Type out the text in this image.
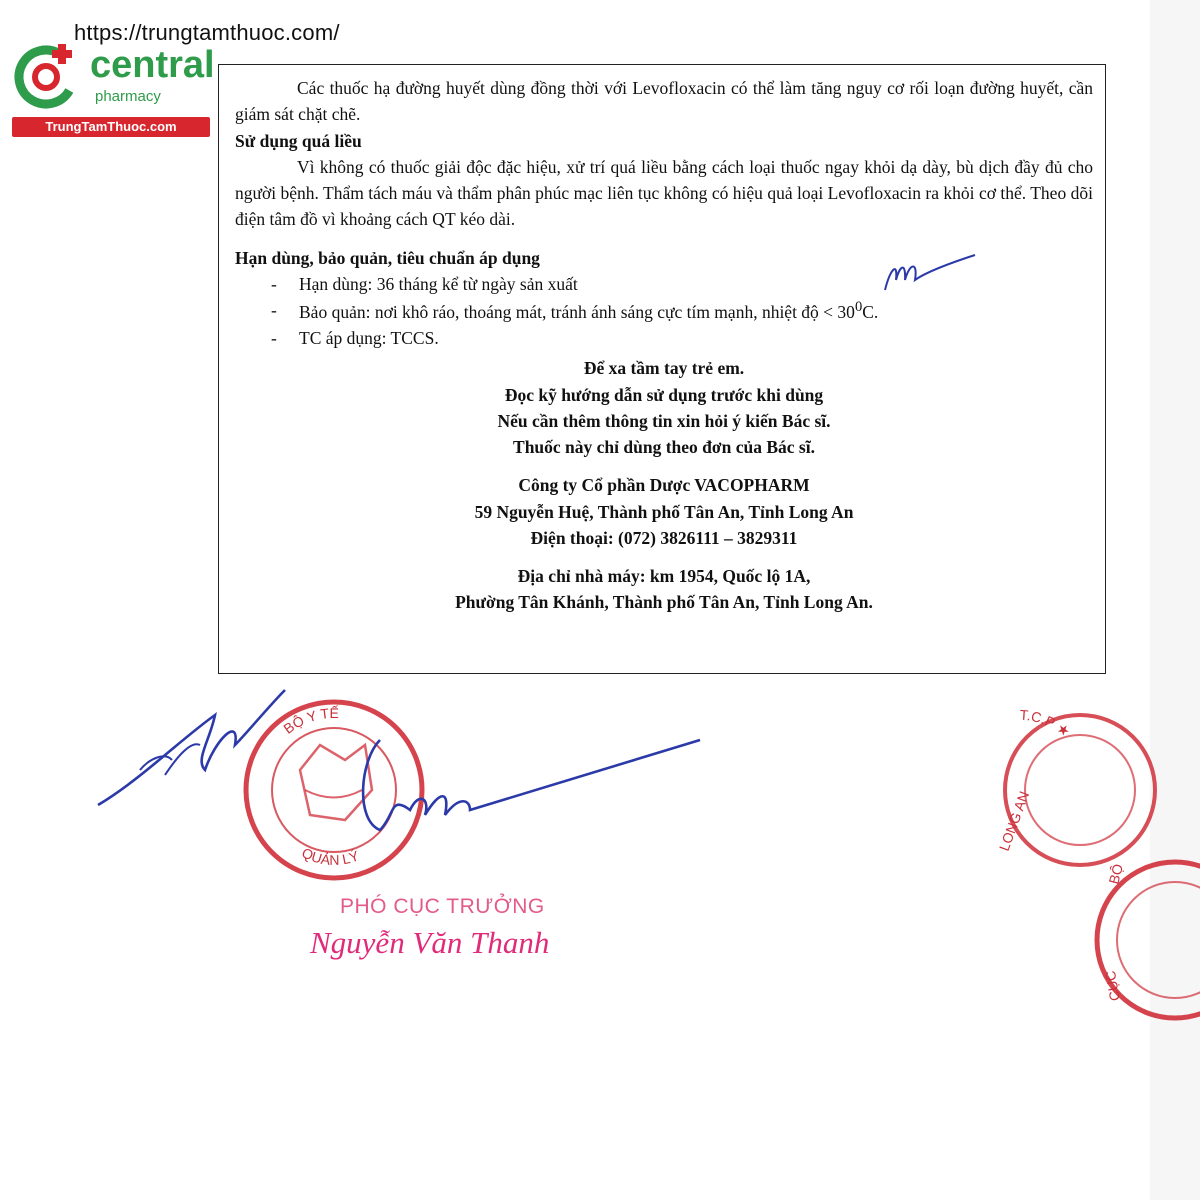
https://trungtamthuoc.com/
central
pharmacy
TrungTamThuoc.com

Các thuốc hạ đường huyết dùng đồng thời với Levofloxacin có thể làm tăng nguy cơ rối loạn đường huyết, cần giám sát chặt chẽ.

Sử dụng quá liều

Vì không có thuốc giải độc đặc hiệu, xử trí quá liều bằng cách loại thuốc ngay khỏi dạ dày, bù dịch đầy đủ cho người bệnh. Thẩm tách máu và thẩm phân phúc mạc liên tục không có hiệu quả loại Levofloxacin ra khỏi cơ thể. Theo dõi điện tâm đồ vì khoảng cách QT kéo dài.

Hạn dùng, bảo quản, tiêu chuẩn áp dụng

- Hạn dùng: 36 tháng kể từ ngày sản xuất
- Bảo quản: nơi khô ráo, thoáng mát, tránh ánh sáng cực tím mạnh, nhiệt độ < $30^0C$.
- TC áp dụng: TCCS.

Để xa tầm tay trẻ em.
Đọc kỹ hướng dẫn sử dụng trước khi dùng
Nếu cần thêm thông tin xin hỏi ý kiến Bác sĩ.
Thuốc này chỉ dùng theo đơn của Bác sĩ.

Công ty Cổ phần Dược VACOPHARM
59 Nguyễn Huệ, Thành phố Tân An, Tỉnh Long An
Điện thoại: (072) 3826111 – 3829311

Địa chỉ nhà máy: km 1954, Quốc lộ 1A,
Phường Tân Khánh, Thành phố Tân An, Tỉnh Long An.

BỘ Y TẾ
QUẢN LÝ
T.C.P ★
LONG AN
BỘ
CỤC
PHÓ CỤC TRƯỞNG
Nguyễn Văn Thanh
